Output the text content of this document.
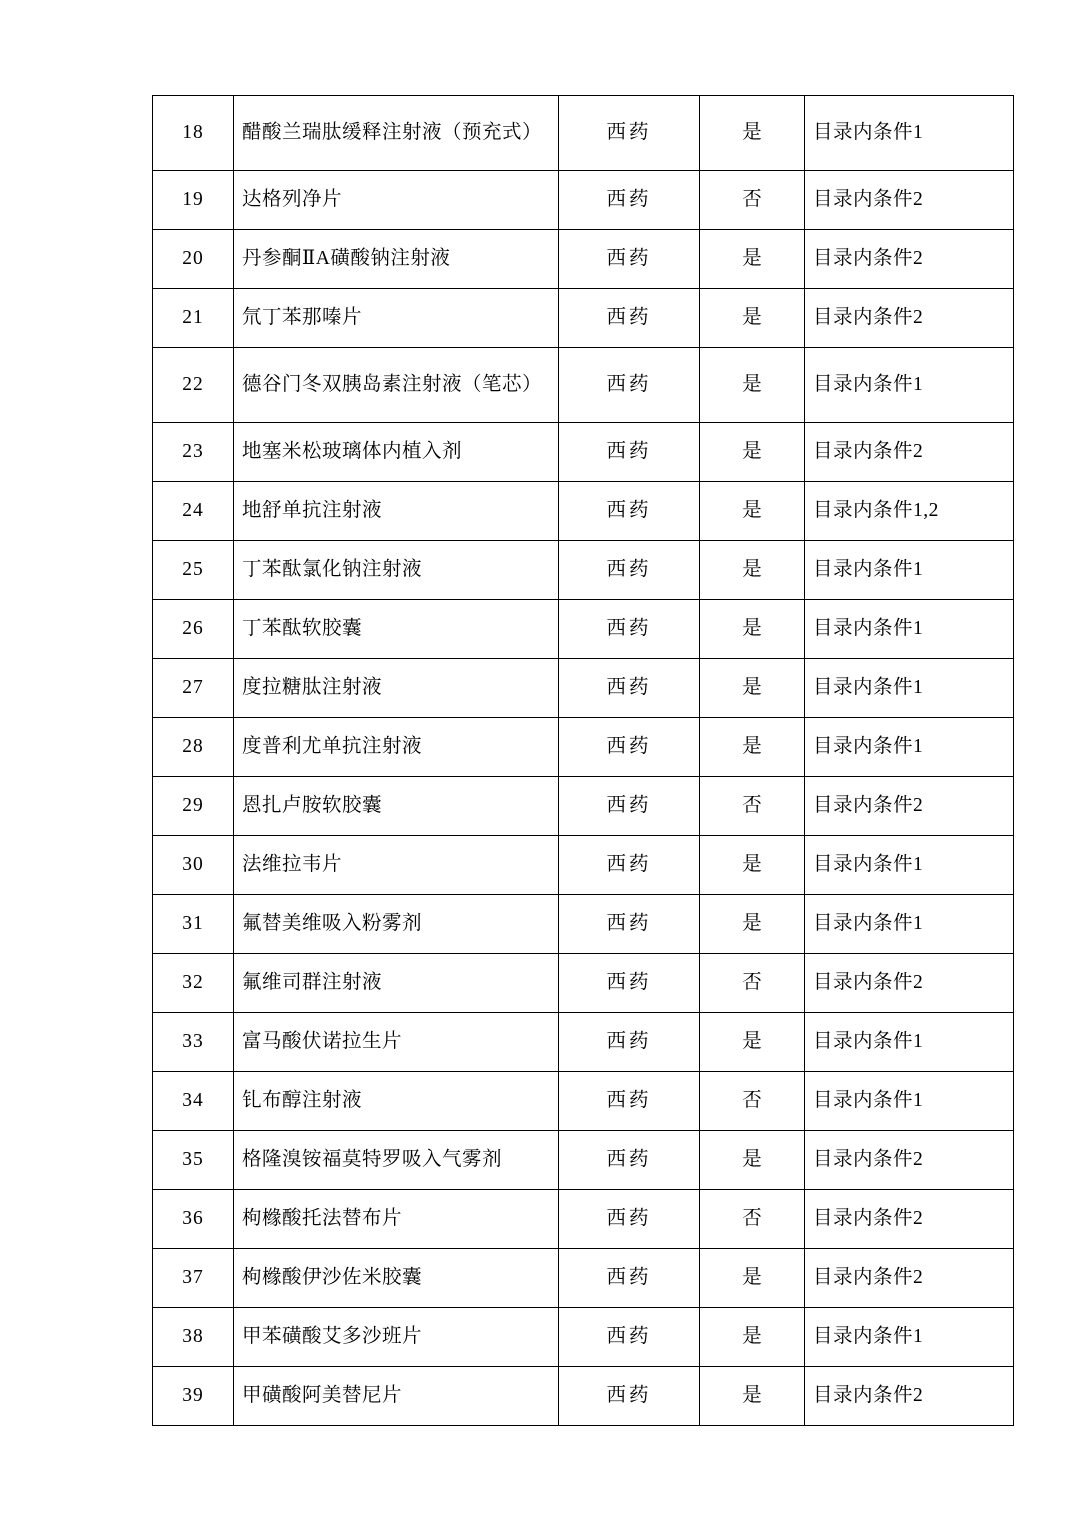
18	醋酸兰瑞肽缓释注射液（预充式）	西药	是	目录内条件1
19	达格列净片	西药	否	目录内条件2
20	丹参酮ⅡA磺酸钠注射液	西药	是	目录内条件2
21	氘丁苯那嗪片	西药	是	目录内条件2
22	德谷门冬双胰岛素注射液（笔芯）	西药	是	目录内条件1
23	地塞米松玻璃体内植入剂	西药	是	目录内条件2
24	地舒单抗注射液	西药	是	目录内条件1,2
25	丁苯酞氯化钠注射液	西药	是	目录内条件1
26	丁苯酞软胶囊	西药	是	目录内条件1
27	度拉糖肽注射液	西药	是	目录内条件1
28	度普利尤单抗注射液	西药	是	目录内条件1
29	恩扎卢胺软胶囊	西药	否	目录内条件2
30	法维拉韦片	西药	是	目录内条件1
31	氟替美维吸入粉雾剂	西药	是	目录内条件1
32	氟维司群注射液	西药	否	目录内条件2
33	富马酸伏诺拉生片	西药	是	目录内条件1
34	钆布醇注射液	西药	否	目录内条件1
35	格隆溴铵福莫特罗吸入气雾剂	西药	是	目录内条件2
36	枸橼酸托法替布片	西药	否	目录内条件2
37	枸橼酸伊沙佐米胶囊	西药	是	目录内条件2
38	甲苯磺酸艾多沙班片	西药	是	目录内条件1
39	甲磺酸阿美替尼片	西药	是	目录内条件2
